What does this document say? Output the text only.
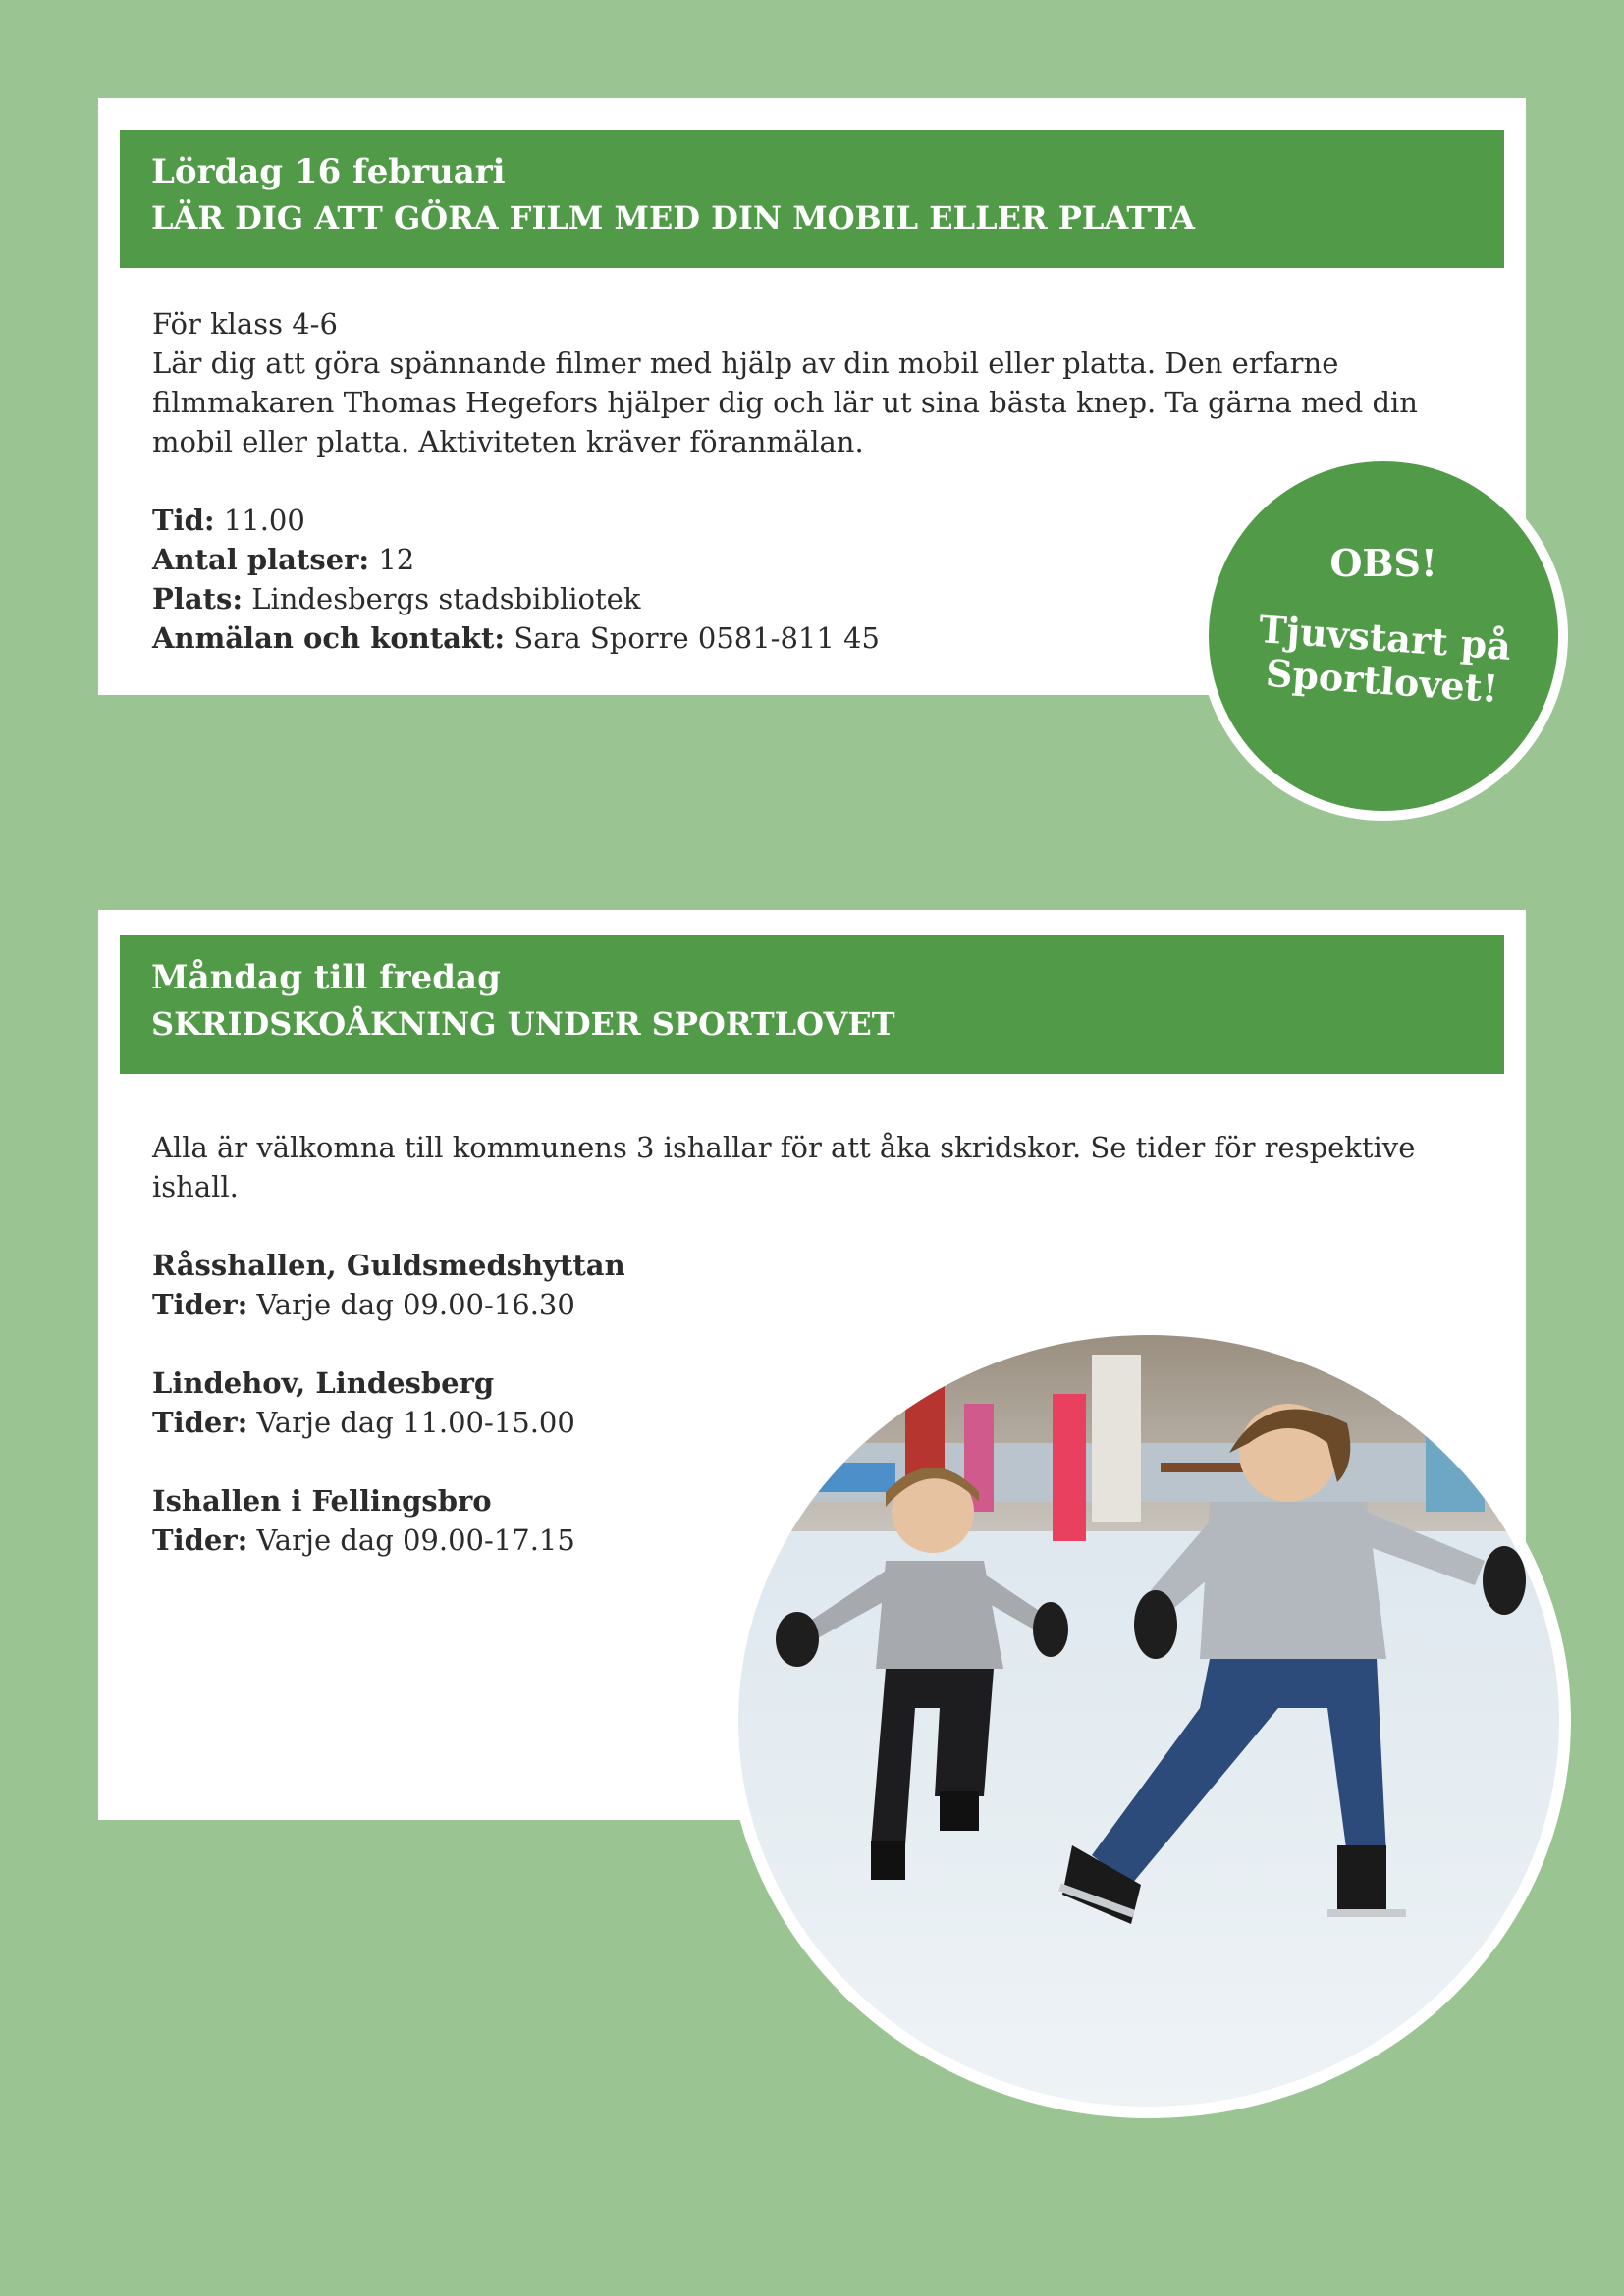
Lördag 16 februari
LÄR DIG ATT GÖRA FILM MED DIN MOBIL ELLER PLATTA

För klass 4-6

Lär dig att göra spännande filmer med hjälp av din mobil eller platta. Den erfarne filmmakaren Thomas Hegefors hjälper dig och lär ut sina bästa knep. Ta gärna med din mobil eller platta. Aktiviteten kräver föranmälan.

Tid: 11.00

Antal platser: 12

Plats: Lindesbergs stadsbibliotek

Anmälan och kontakt: Sara Sporre 0581-811 45

OBS!
Tjuvstart på
Sportlovet!
Måndag till fredag
SKRIDSKOÅKNING UNDER SPORTLOVET

Alla är välkomna till kommunens 3 ishallar för att åka skridskor. Se tider för respektive ishall.

Råsshallen, Guldsmedshyttan

Tider: Varje dag 09.00-16.30

Lindehov, Lindesberg

Tider: Varje dag 11.00-15.00

Ishallen i Fellingsbro

Tider: Varje dag 09.00-17.15
